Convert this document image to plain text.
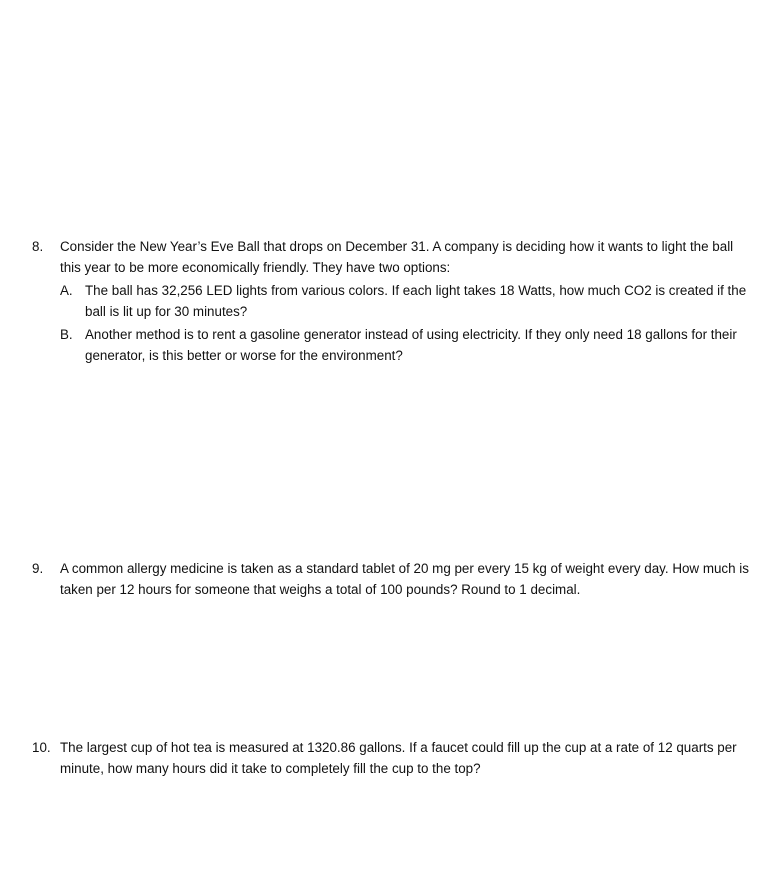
8.	Consider the New Year’s Eve Ball that drops on December 31. A company is deciding how it wants to light the ball this year to be more economically friendly. They have two options:
A. The ball has 32,256 LED lights from various colors. If each light takes 18 Watts, how much CO2 is created if the ball is lit up for 30 minutes?
B. Another method is to rent a gasoline generator instead of using electricity. If they only need 18 gallons for their generator, is this better or worse for the environment?
9.	A common allergy medicine is taken as a standard tablet of 20 mg per every 15 kg of weight every day. How much is taken per 12 hours for someone that weighs a total of 100 pounds? Round to 1 decimal.
10. The largest cup of hot tea is measured at 1320.86 gallons. If a faucet could fill up the cup at a rate of 12 quarts per minute, how many hours did it take to completely fill the cup to the top?
